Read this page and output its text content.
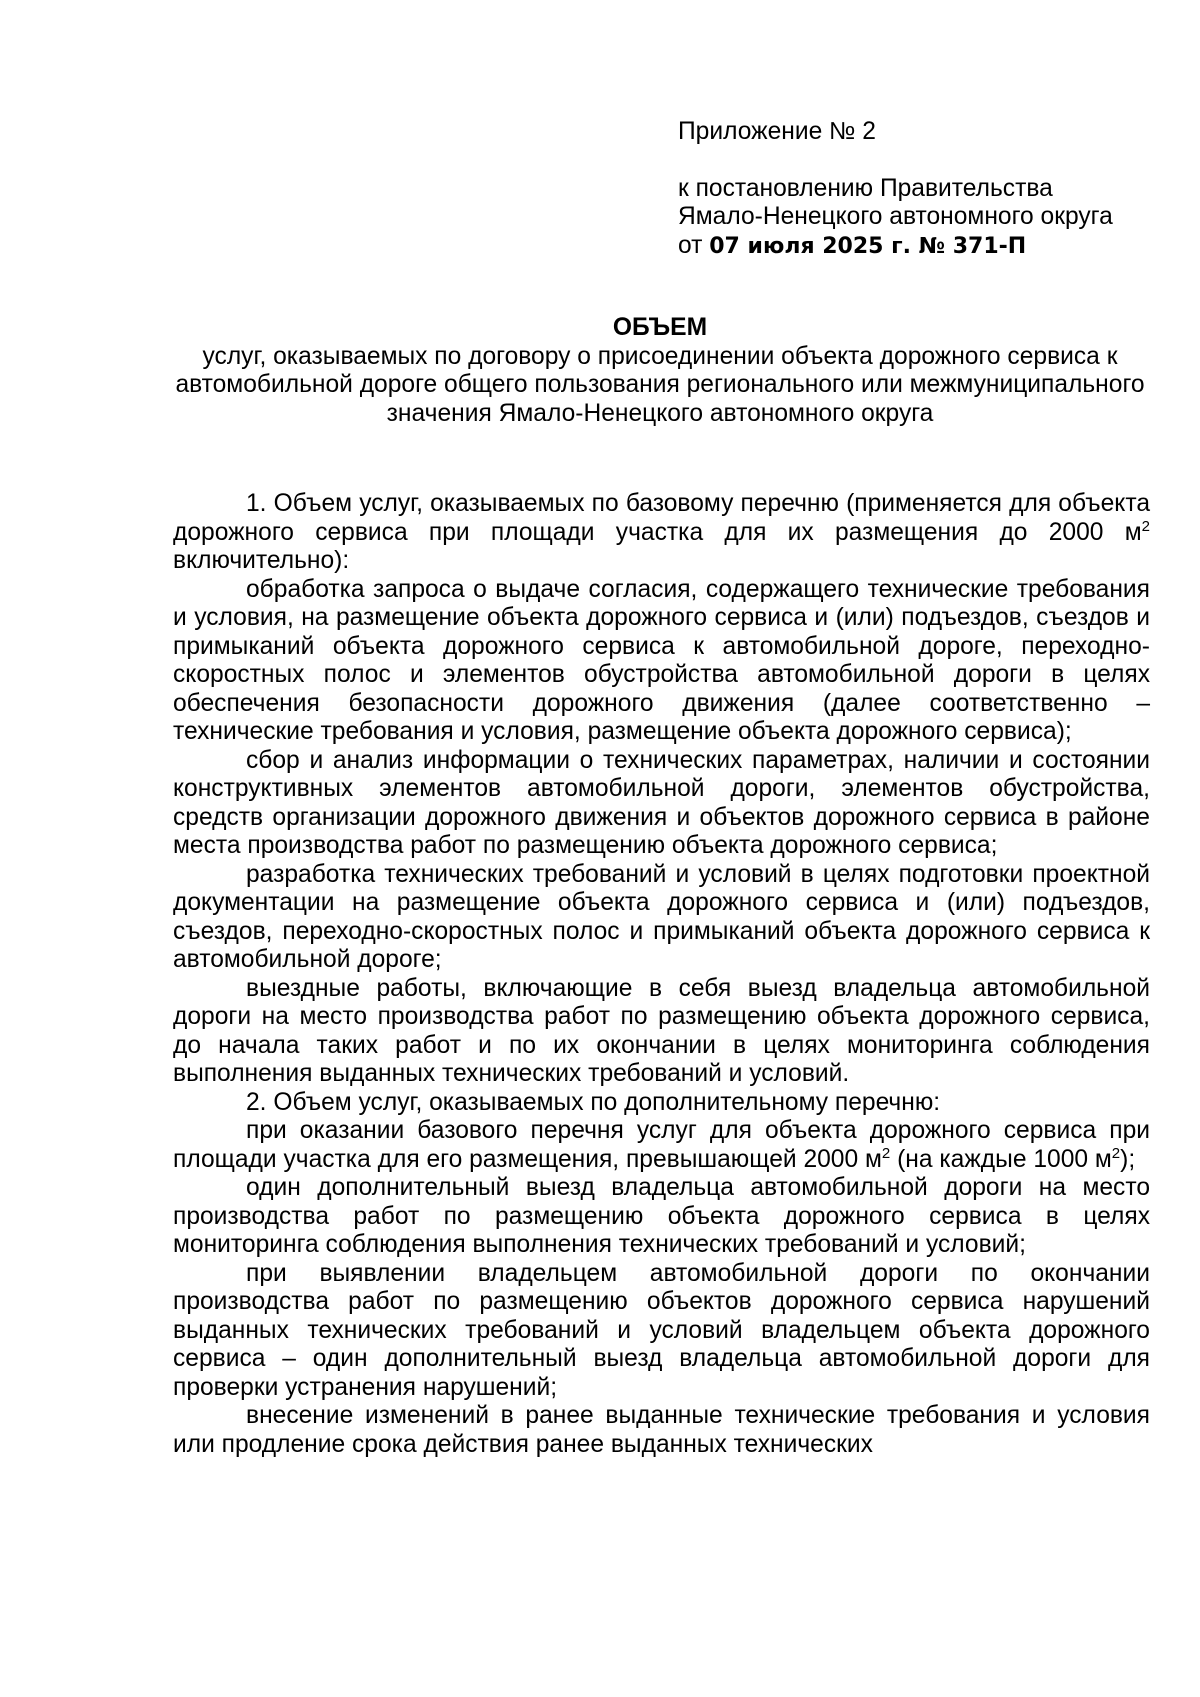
Приложение № 2
к постановлению Правительства
Ямало-Ненецкого автономного округа
от 07 июля 2025 г. № 371-П
ОБЪЕМ
услуг, оказываемых по договору о присоединении объекта дорожного сервиса к автомобильной дороге общего пользования регионального или межмуниципального значения Ямало-Ненецкого автономного округа

1. Объем услуг, оказываемых по базовому перечню (применяется для объекта дорожного сервиса при площади участка для их размещения до 2000 $м^2$ включительно):

обработка запроса о выдаче согласия, содержащего технические требования и условия, на размещение объекта дорожного сервиса и (или) подъездов, съездов и примыканий объекта дорожного сервиса к автомобильной дороге, переходно-скоростных полос и элементов обустройства автомобильной дороги в целях обеспечения безопасности дорожного движения (далее соответственно – технические требования и условия, размещение объекта дорожного сервиса);

сбор и анализ информации о технических параметрах, наличии и состоянии конструктивных элементов автомобильной дороги, элементов обустройства, средств организации дорожного движения и объектов дорожного сервиса в районе места производства работ по размещению объекта дорожного сервиса;

разработка технических требований и условий в целях подготовки проектной документации на размещение объекта дорожного сервиса и (или) подъездов, съездов, переходно-скоростных полос и примыканий объекта дорожного сервиса к автомобильной дороге;

выездные работы, включающие в себя выезд владельца автомобильной дороги на место производства работ по размещению объекта дорожного сервиса, до начала таких работ и по их окончании в целях мониторинга соблюдения выполнения выданных технических требований и условий.

2. Объем услуг, оказываемых по дополнительному перечню:

при оказании базового перечня услуг для объекта дорожного сервиса при площади участка для его размещения, превышающей 2000 $м^2$ (на каждые 1000 $м^2$);

один дополнительный выезд владельца автомобильной дороги на место производства работ по размещению объекта дорожного сервиса в целях мониторинга соблюдения выполнения технических требований и условий;

при выявлении владельцем автомобильной дороги по окончании производства работ по размещению объектов дорожного сервиса нарушений выданных технических требований и условий владельцем объекта дорожного сервиса – один дополнительный выезд владельца автомобильной дороги для проверки устранения нарушений;

внесение изменений в ранее выданные технические требования и условия или продление срока действия ранее выданных технических
